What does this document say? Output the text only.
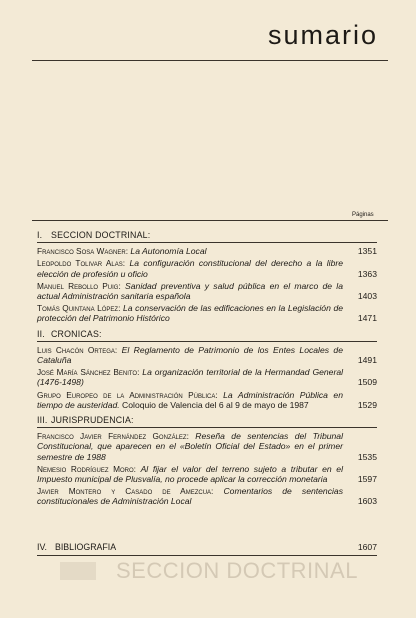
sumario
Páginas
I. SECCION DOCTRINAL:
Francisco Sosa Wagner: La Autonomía Local	1351
Leopoldo Tolivar Alas: La configuración constitucional del derecho a la libre elección de profesión u oficio	1363
Manuel Rebollo Puig: Sanidad preventiva y salud pública en el marco de la actual Administración sanitaria española	1403
Tomás Quintana López: La conservación de las edificaciones en la Legislación de protección del Patrimonio Histórico	1471
II. CRONICAS:
Luis Chacón Ortega: El Reglamento de Patrimonio de los Entes Locales de Cataluña	1491
José María Sánchez Benito: La organización territorial de la Hermandad General (1476-1498)	1509
Grupo Europeo de la Administración Pública: La Administración Pública en tiempo de austeridad. Coloquio de Valencia del 6 al 9 de mayo de 1987	1529
III. JURISPRUDENCIA:
Francisco Javier Fernández González: Reseña de sentencias del Tribunal Constitucional, que aparecen en el «Boletín Oficial del Estado» en el primer semestre de 1988	1535
Nemesio Rodríguez Moro: Al fijar el valor del terreno sujeto a tributar en el Impuesto municipal de Plusvalía, no procede aplicar la corrección monetaria	1597
Javier Montero y Casado de Amezcua: Comentarios de sentencias constitucionales de Administración Local	1603
IV. BIBLIOGRAFIA	1607
SECCION DOCTRINAL
